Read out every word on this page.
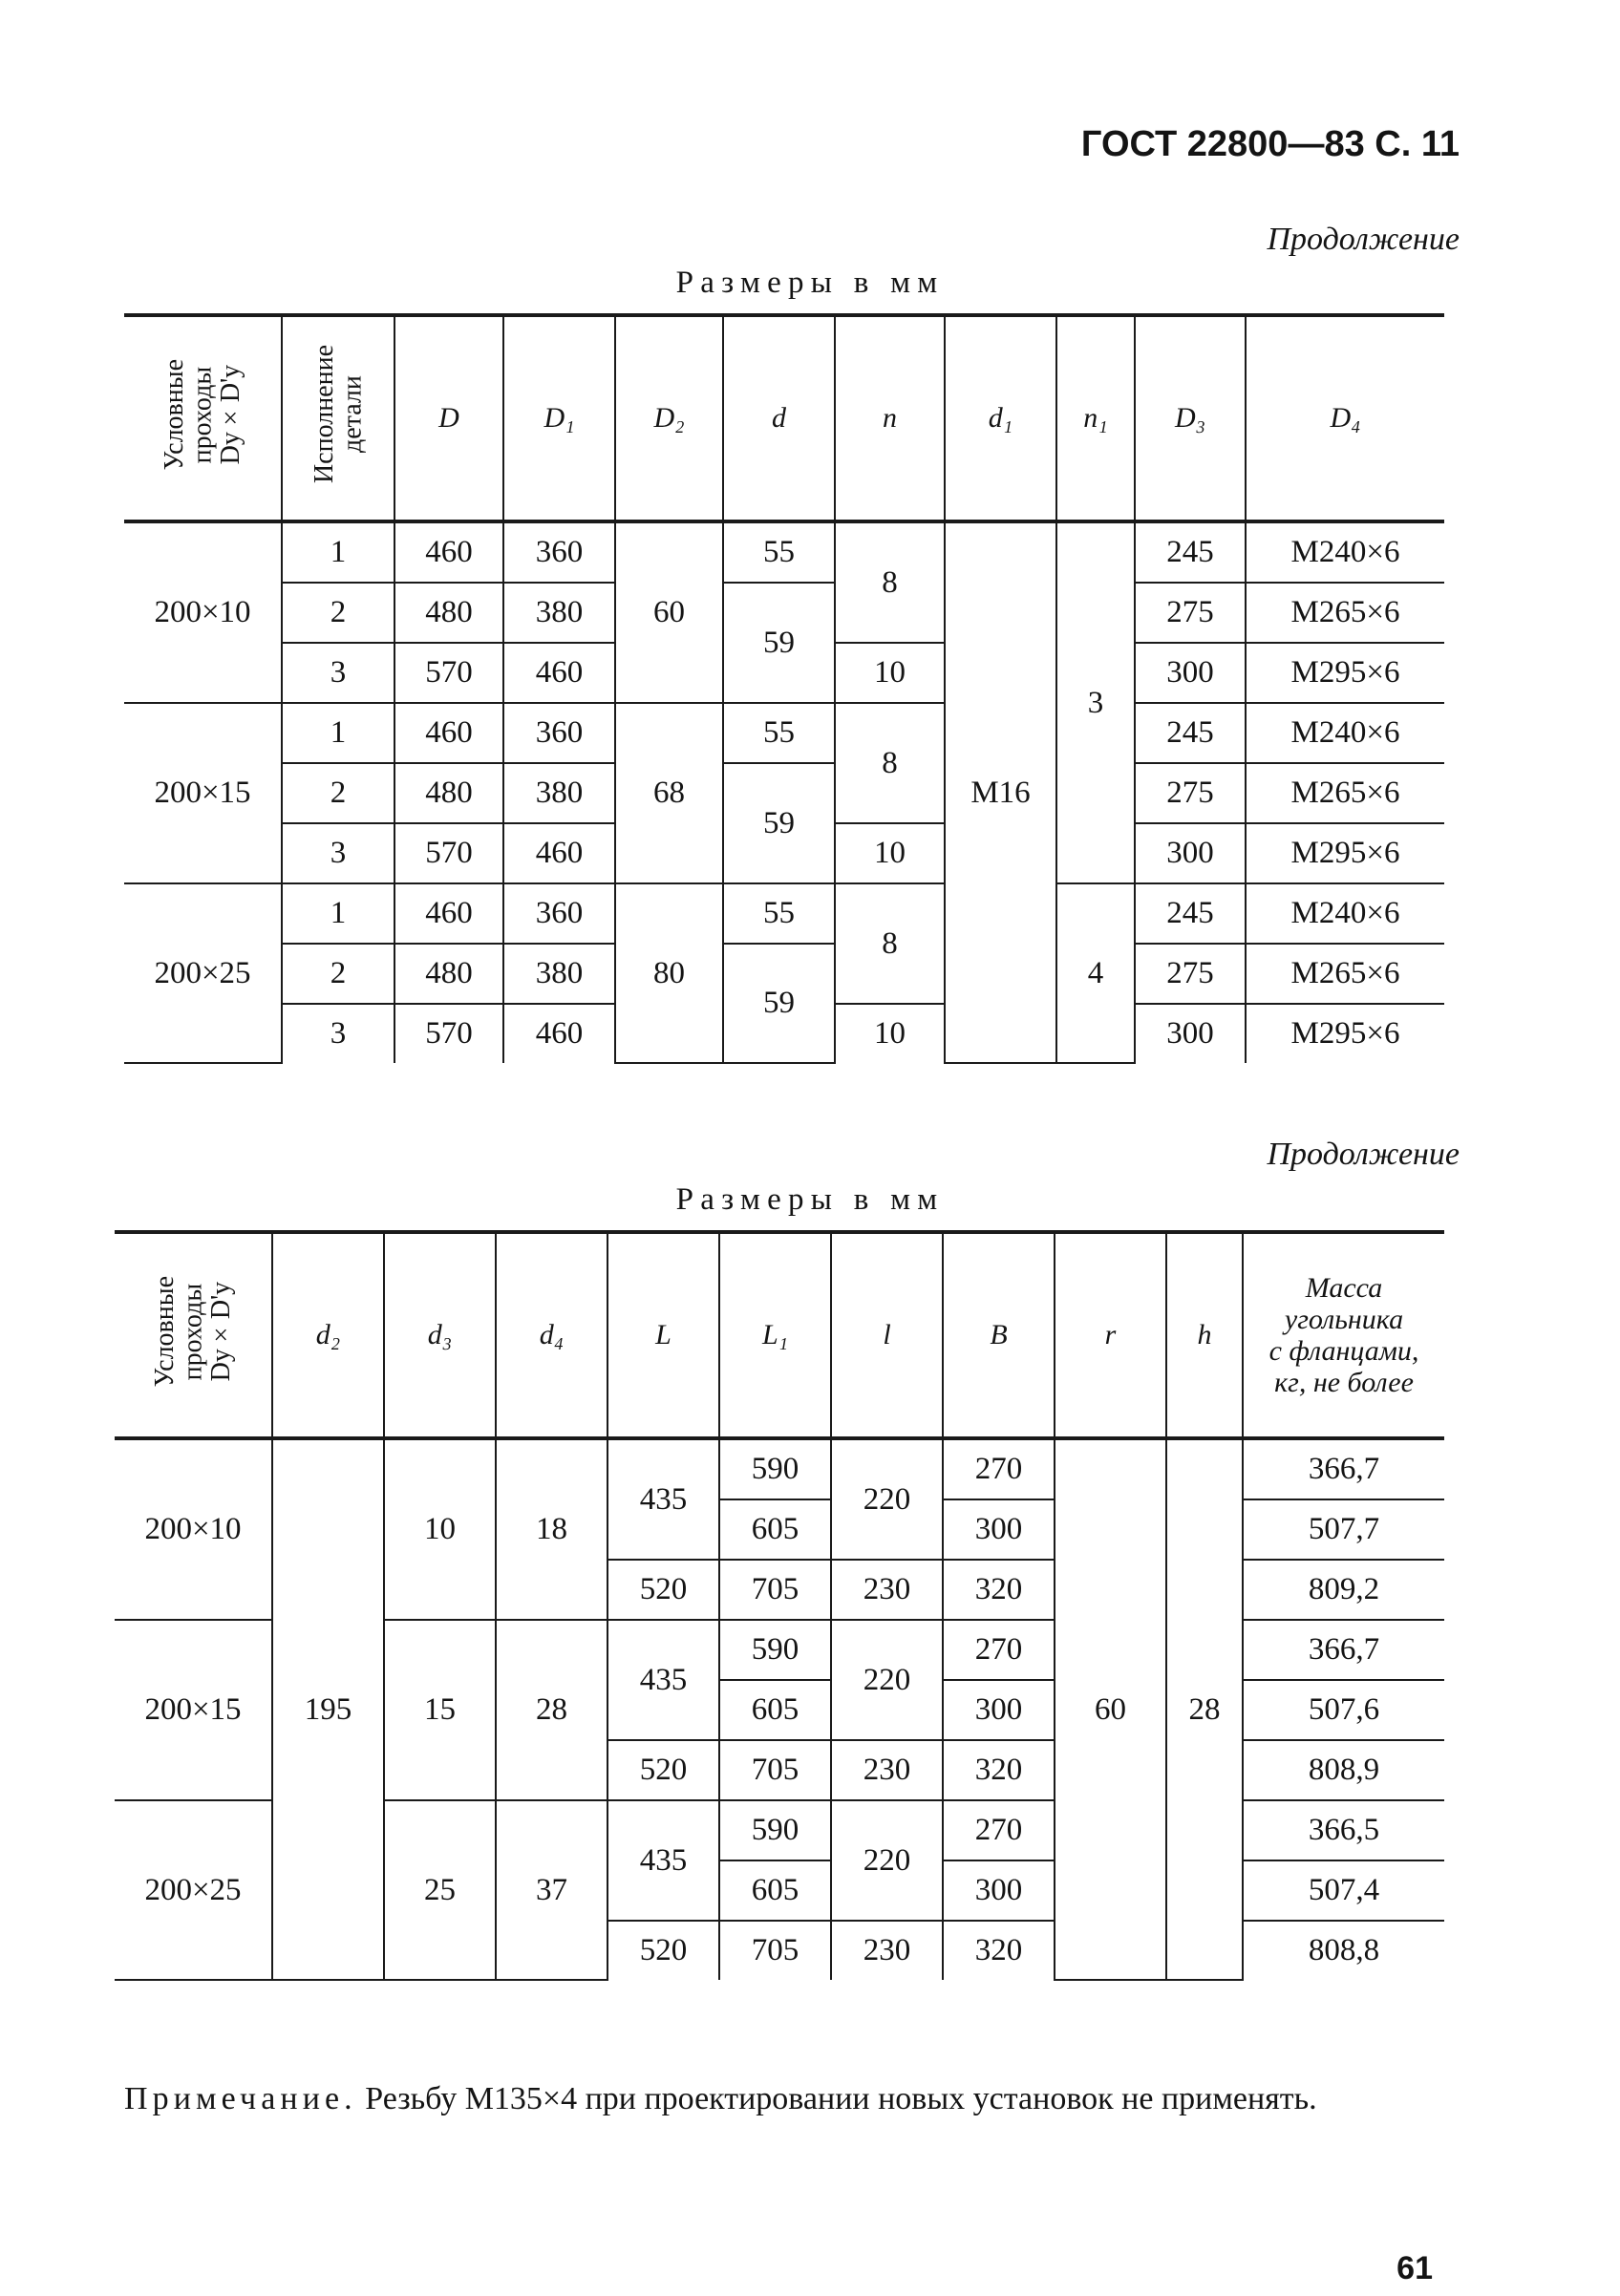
ГОСТ 22800—83 С. 11
Продолжение
Размеры в мм
Условные
проходы
Dy×D'y	Исполнение
детали	D	D₁	D₂	d	n	d₁	n₁	D₃	D₄
200×10	1	460	360	60	55	8	M16	3	245	M240×6
	2	480	380		59				275	M265×6
	3	570	460			10			300	M295×6
200×15	1	460	360	68	55	8			245	M240×6
	2	480	380		59				275	M265×6
	3	570	460			10			300	M295×6
200×25	1	460	360	80	55	8		4	245	M240×6
	2	480	380		59				275	M265×6
	3	570	460			10			300	M295×6
Продолжение
Размеры в мм
Условные
проходы
Dy×D'y	d₂	d₃	d₄	L	L₁	l	B	r	h	Масса
угольника
с фланцами,
кг, не более
200×10	195	10	18	435	590	220	270	60	28	366,7
					605		300			507,7
				520	705	230	320			809,2
200×15		15	28	435	590	220	270			366,7
					605		300			507,6
				520	705	230	320			808,9
200×25		25	37	435	590	220	270			366,5
					605		300			507,4
				520	705	230	320			808,8
Примечание. Резьбу M135×4 при проектировании новых установок не применять.
61
